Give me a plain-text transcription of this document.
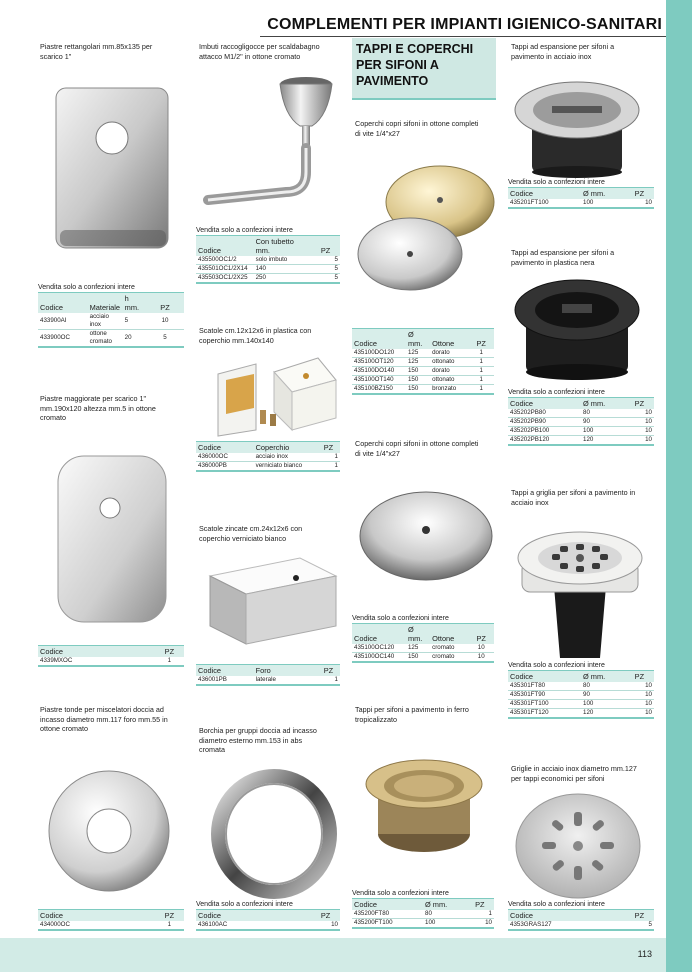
113
COMPLEMENTI PER IMPIANTI IGIENICO-SANITARI
TAPPI E COPERCHI
PER SIFONI A
PAVIMENTO
Piastre rettangolari mm.85x135 per
scarico 1"
Piastre maggiorate per scarico 1"
mm.190x120 altezza mm.5 in ottone
cromato
Piastre tonde per miscelatori doccia ad
incasso diametro mm.117 foro mm.55 in
ottone cromato
Imbuti raccogligocce per scaldabagno
attacco M1/2" in ottone cromato
Scatole cm.12x12x6 in plastica con
coperchio mm.140x140
Scatole zincate cm.24x12x6 con
coperchio verniciato bianco
Borchia per gruppi doccia ad incasso
diametro esterno mm.153 in abs
cromata
Coperchi copri sifoni in ottone completi
di vite 1/4"x27
Coperchi copri sifoni in ottone completi
di vite 1/4"x27
Tappi per sifoni a pavimento in ferro
tropicalizzato
Tappi ad espansione per sifoni a
pavimento in acciaio inox
Tappi ad espansione per sifoni a
pavimento in plastica nera
Tappi a griglia per sifoni a pavimento in
acciaio inox
Griglie in acciaio inox diametro mm.127
per tappi economici per sifoni
Vendita solo a confezioni intere
Codice	Materiale	h mm.	PZ
433900AI	acciaio inox	5	10
433900OC	ottone cromato	20	5
Codice	PZ
4339MXOC	1
Codice	PZ
434000OC	1
Vendita solo a confezioni intere
Codice	Con tubetto mm.	PZ
435500OC1/2	solo imbuto	5
435501OC1/2X14	140	5
435503OC1/2X25	250	5
Codice	Coperchio	PZ
436000OC	acciaio inox	1
436000PB	verniciato bianco	1
Codice	Foro	PZ
436001PB	laterale	1
Vendita solo a confezioni intere
Codice	PZ
436100AC	10
Codice	Ø mm.	Ottone	PZ
435100DO120	125	dorato	1
435100OT120	125	ottonato	1
435100DO140	150	dorato	1
435100OT140	150	ottonato	1
435100BZ150	150	bronzato	1
Vendita solo a confezioni intere
Codice	Ø mm.	Ottone	PZ
435100OC120	125	cromato	10
435100OC140	150	cromato	10
Vendita solo a confezioni intere
Codice	Ø mm.	PZ
435200FT80	80	1
435200FT100	100	10
Vendita solo a confezioni intere
Codice	Ø mm.	PZ
435201FT100	100	10
Vendita solo a confezioni intere
Codice	Ø mm.	PZ
435202PB80	80	10
435202PB90	90	10
435202PB100	100	10
435202PB120	120	10
Vendita solo a confezioni intere
Codice	Ø mm.	PZ
435301FT80	80	10
435301FT90	90	10
435301FT100	100	10
435301FT120	120	10
Vendita solo a confezioni intere
Codice	PZ
4353GRAS127	5
